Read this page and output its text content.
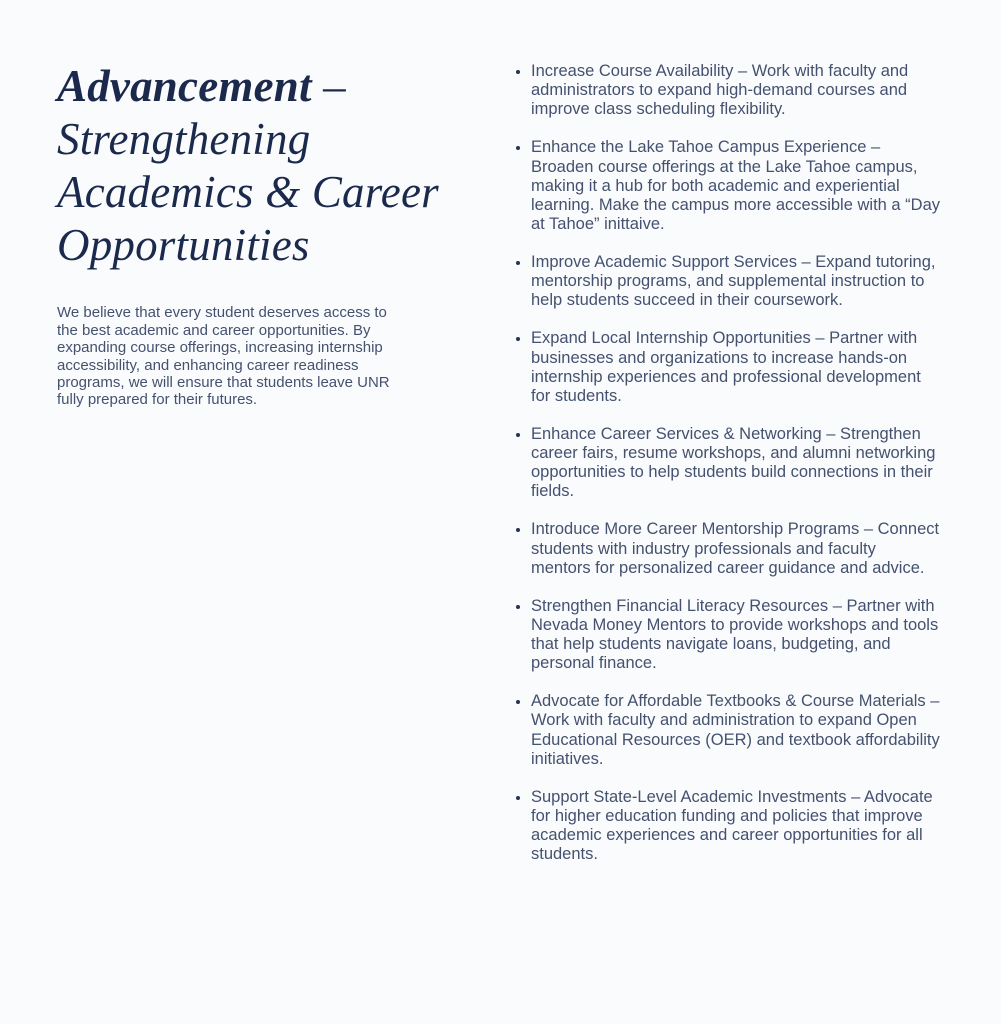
Advancement – Strengthening Academics & Career Opportunities

We believe that every student deserves access to the best academic and career opportunities. By expanding course offerings, increasing internship accessibility, and enhancing career readiness programs, we will ensure that students leave UNR fully prepared for their futures.

• Increase Course Availability – Work with faculty and administrators to expand high-demand courses and improve class scheduling flexibility.
• Enhance the Lake Tahoe Campus Experience – Broaden course offerings at the Lake Tahoe campus, making it a hub for both academic and experiential learning. Make the campus more accessible with a “Day at Tahoe” inittaive.
• Improve Academic Support Services – Expand tutoring, mentorship programs, and supplemental instruction to help students succeed in their coursework.
• Expand Local Internship Opportunities – Partner with businesses and organizations to increase hands-on internship experiences and professional development for students.
• Enhance Career Services & Networking – Strengthen career fairs, resume workshops, and alumni networking opportunities to help students build connections in their fields.
• Introduce More Career Mentorship Programs – Connect students with industry professionals and faculty mentors for personalized career guidance and advice.
• Strengthen Financial Literacy Resources – Partner with Nevada Money Mentors to provide workshops and tools that help students navigate loans, budgeting, and personal finance.
• Advocate for Affordable Textbooks & Course Materials – Work with faculty and administration to expand Open Educational Resources (OER) and textbook affordability initiatives.
• Support State-Level Academic Investments – Advocate for higher education funding and policies that improve academic experiences and career opportunities for all students.
